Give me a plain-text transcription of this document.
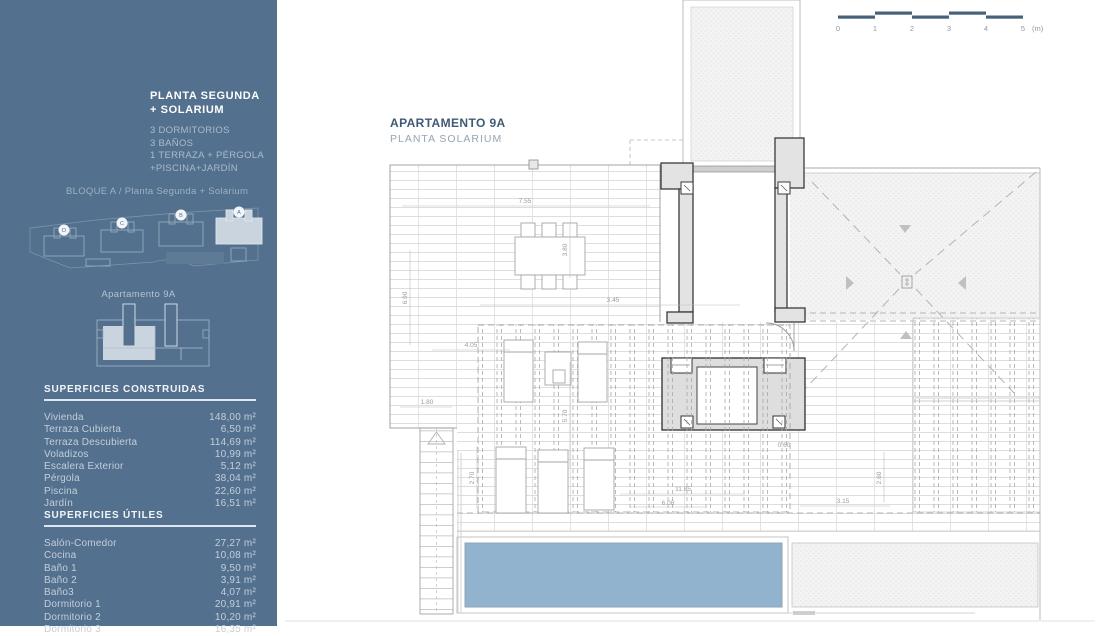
7.55
3.80
6.90	3.45
4.05
1.80
5.70
2.70
11.85
6.08
0.60
3.15
2.60
0	1	2	3	4	5 (m)
APARTAMENTO 9A
PLANTA SOLARIUM
PLANTA SEGUNDA + SOLARIUM
3 DORMITORIOS
3 BAÑOS
1 TERRAZA + PÉRGOLA
+PISCINA+JARDÍN
BLOQUE A / Planta Segunda + Solarium
D
C
B	A
Apartamento 9A
SUPERFICIES CONSTRUIDAS
Vivienda	148,00 m²
Terraza Cubierta	6,50 m²
Terraza Descubierta	114,69 m²
Voladizos	10,99 m²
Escalera Exterior	5,12 m²
Pérgola	38,04 m²
Piscina	22,60 m²
Jardín	16,51 m²
SUPERFICIES ÚTILES
Salón-Comedor	27,27 m²
Cocina	10,08 m²
Baño 1	9,50 m²
Baño 2	3,91 m²
Baño3	4,07 m²
Dormitorio 1	20,91 m²
Dormitorio 2	10,20 m²
Dormitorio 3	16,35 m²
